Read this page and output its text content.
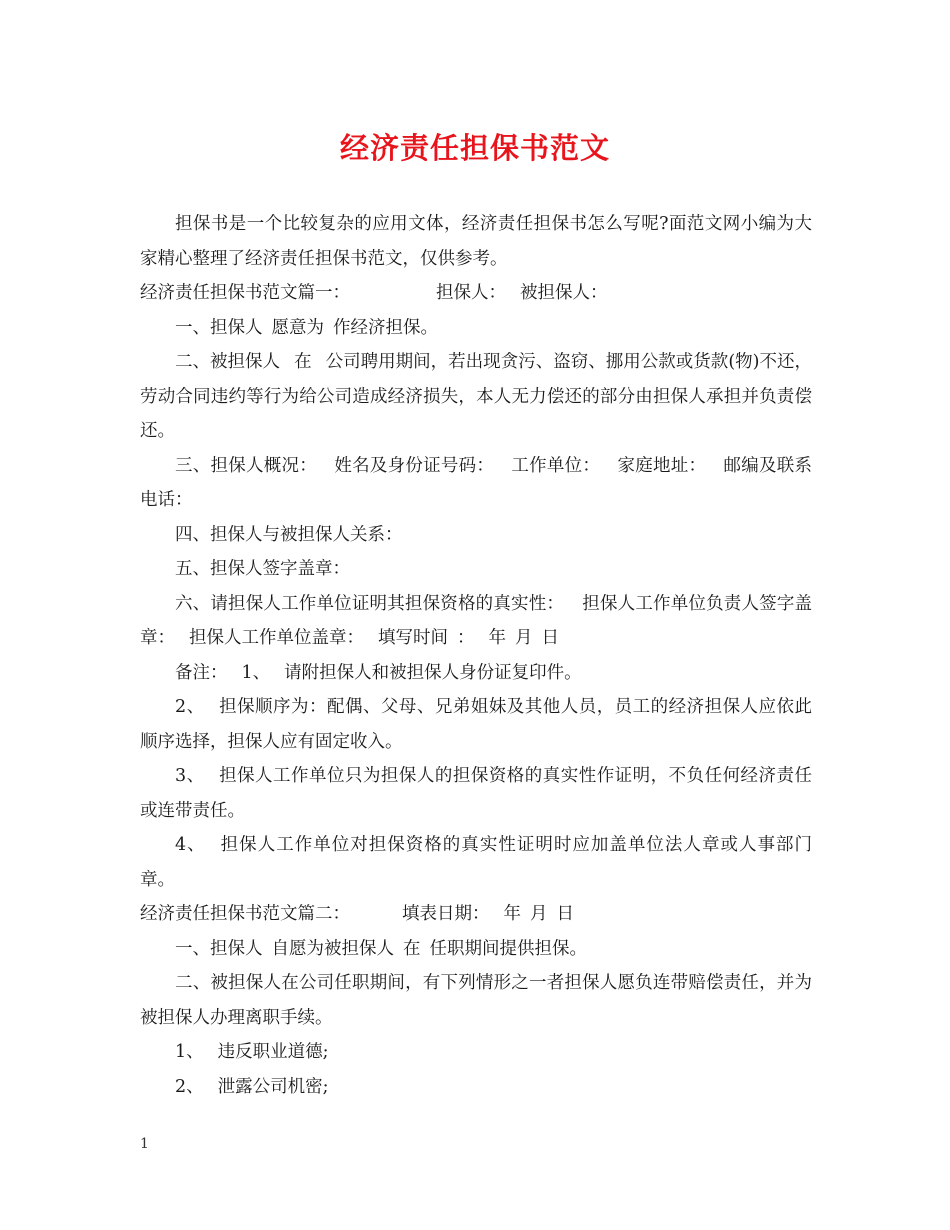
经济责任担保书范文

担保书是一个比较复杂的应用文体，经济责任担保书怎么写呢?面范文网小编为大家精心整理了经济责任担保书范文，仅供参考。

经济责任担保书范文篇一：	担保人： 被担保人：

一、担保人 愿意为 作经济担保。

二、被担保人 在 公司聘用期间，若出现贪污、盗窃、挪用公款或货款(物)不还，劳动合同违约等行为给公司造成经济损失，本人无力偿还的部分由担保人承担并负责偿还。

三、担保人概况： 姓名及身份证号码： 工作单位： 家庭地址： 邮编及联系电话：

四、担保人与被担保人关系：

五、担保人签字盖章：

六、请担保人工作单位证明其担保资格的真实性： 担保人工作单位负责人签字盖章： 担保人工作单位盖章： 填写时间 ： 年 月 日

备注： 1、 请附担保人和被担保人身份证复印件。

2、 担保顺序为：配偶、父母、兄弟姐妹及其他人员，员工的经济担保人应依此顺序选择，担保人应有固定收入。

3、 担保人工作单位只为担保人的担保资格的真实性作证明，不负任何经济责任或连带责任。

4、 担保人工作单位对担保资格的真实性证明时应加盖单位法人章或人事部门章。

经济责任担保书范文篇二：	填表日期： 年 月 日

一、担保人 自愿为被担保人 在 任职期间提供担保。

二、被担保人在公司任职期间，有下列情形之一者担保人愿负连带赔偿责任，并为被担保人办理离职手续。

1、 违反职业道德;

2、 泄露公司机密;

1
